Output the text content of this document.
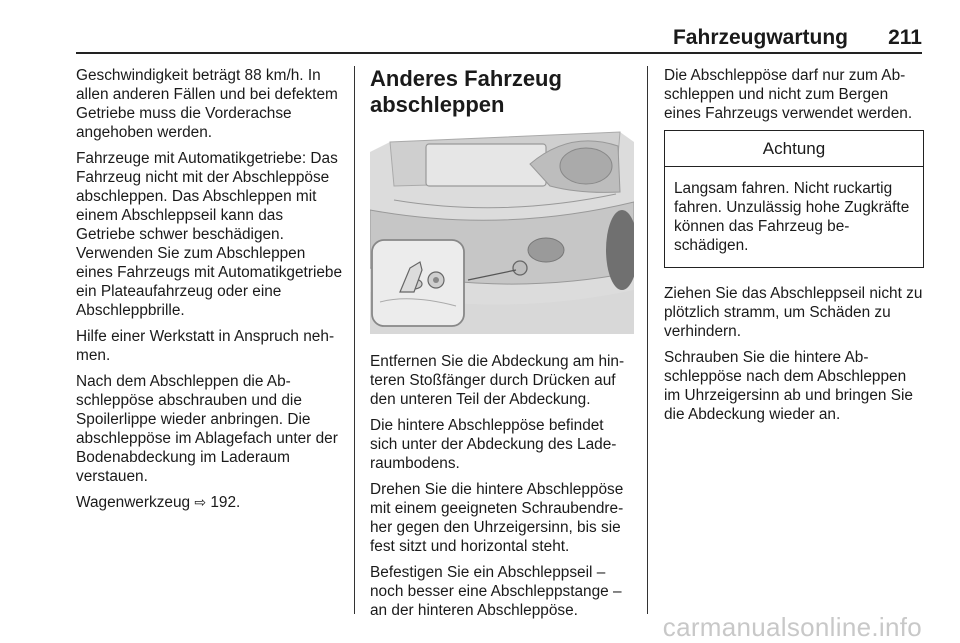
Fahrzeugwartung 211

Geschwindigkeit beträgt 88 km/h. In allen anderen Fällen und bei defektem Getriebe muss die Vorderachse angehoben werden.

Fahrzeuge mit Automatikgetriebe: Das Fahrzeug nicht mit der Abschleppöse abschleppen. Das Abschleppen mit einem Abschleppseil kann das Getriebe schwer beschädigen. Verwenden Sie zum Abschleppen eines Fahrzeugs mit Automatikgetriebe ein Plateaufahrzeug oder eine Abschleppbrille.

Hilfe einer Werkstatt in Anspruch nehmen.

Nach dem Abschleppen die Abschleppöse abschrauben und die Spoilerlippe wieder anbringen. Die abschleppöse im Ablagefach unter der Bodenabdeckung im Laderaum verstauen.

Wagenwerkzeug ⇨ 192.

Anderes Fahrzeug abschleppen

Entfernen Sie die Abdeckung am hinteren Stoßfänger durch Drücken auf den unteren Teil der Abdeckung.

Die hintere Abschleppöse befindet sich unter der Abdeckung des Laderaumbodens.

Drehen Sie die hintere Abschleppöse mit einem geeigneten Schraubendreher gegen den Uhrzeigersinn, bis sie fest sitzt und horizontal steht.

Befestigen Sie ein Abschleppseil – noch besser eine Abschleppstange – an der hinteren Abschleppöse.

Die Abschleppöse darf nur zum Abschleppen und nicht zum Bergen eines Fahrzeugs verwendet werden.

Achtung

Langsam fahren. Nicht ruckartig fahren. Unzulässig hohe Zugkräfte können das Fahrzeug beschädigen.

Ziehen Sie das Abschleppseil nicht zu plötzlich stramm, um Schäden zu verhindern.

Schrauben Sie die hintere Abschleppöse nach dem Abschleppen im Uhrzeigersinn ab und bringen Sie die Abdeckung wieder an.

carmanualsonline.info
